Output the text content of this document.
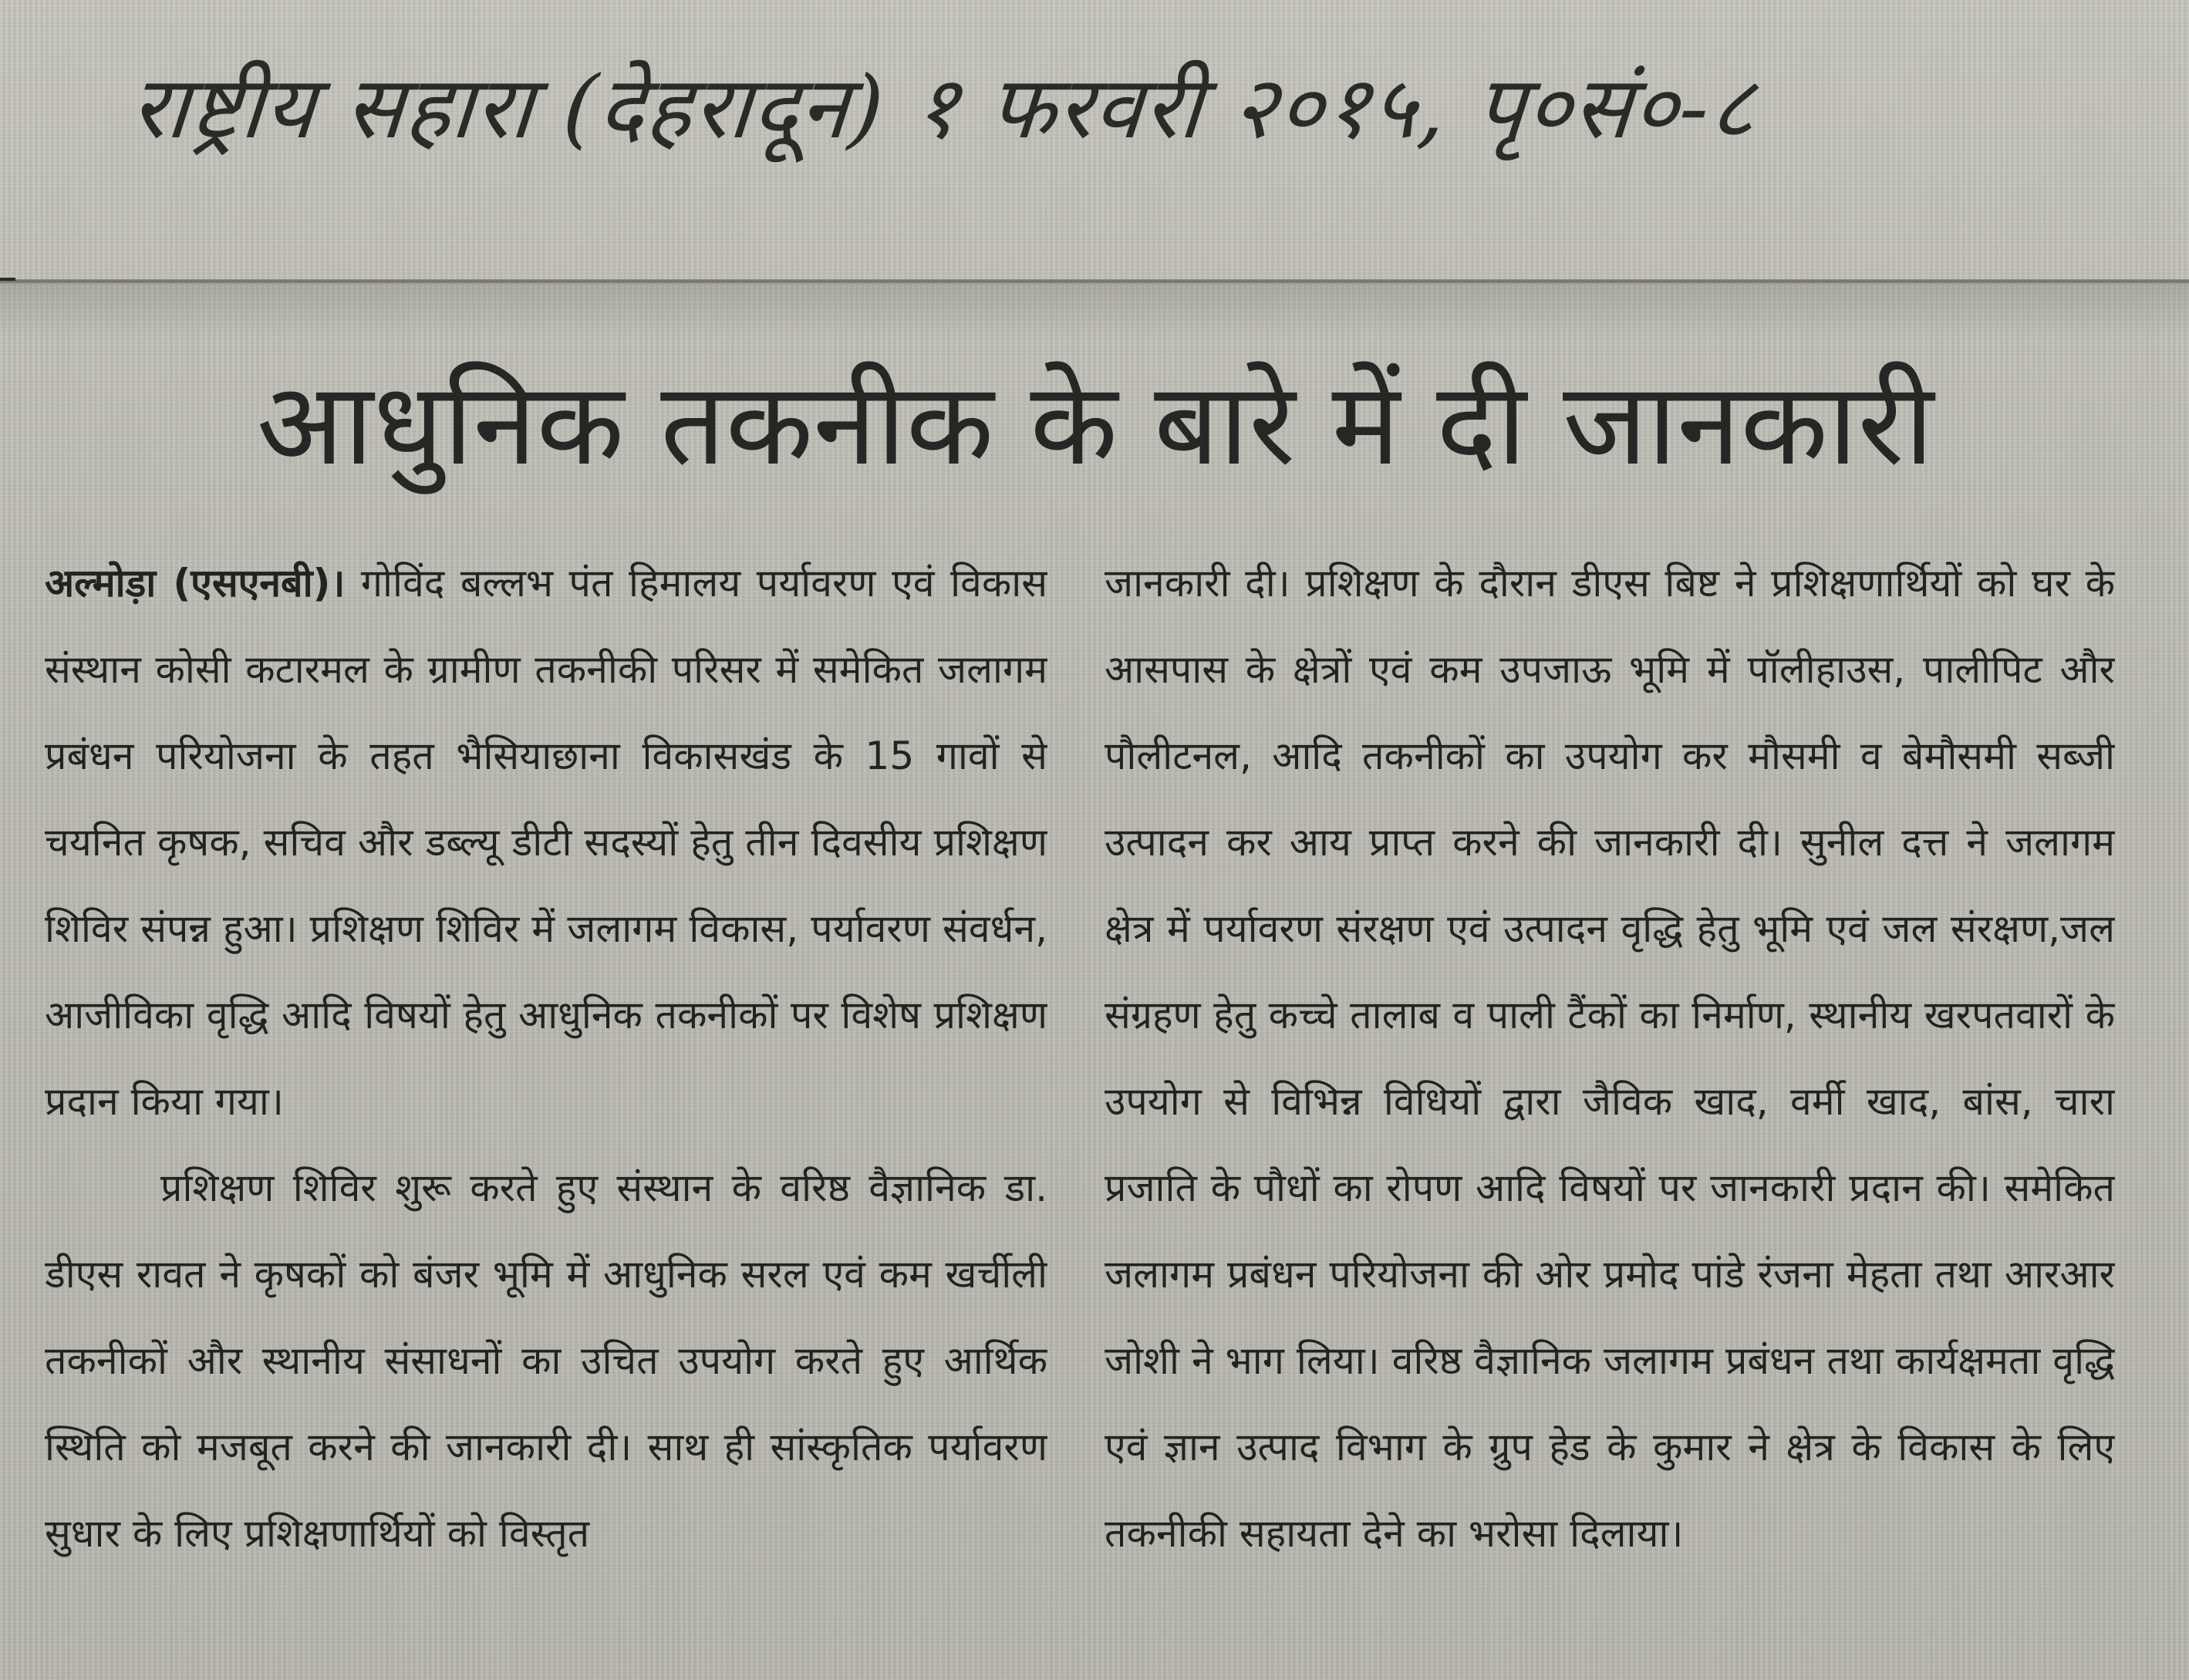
राष्ट्रीय सहारा (देहरादून) १ फरवरी २०१५, पृ०सं०-८
आधुनिक तकनीक के बारे में दी जानकारी

अल्मोड़ा (एसएनबी)। गोविंद बल्लभ पंत हिमालय पर्यावरण एवं विकास संस्थान कोसी कटारमल के ग्रामीण तकनीकी परिसर में समेकित जलागम प्रबंधन परियोजना के तहत भैसियाछाना विकासखंड के 15 गावों से चयनित कृषक, सचिव और डब्ल्यू डीटी सदस्यों हेतु तीन दिवसीय प्रशिक्षण शिविर संपन्न हुआ। प्रशिक्षण शिविर में जलागम विकास, पर्यावरण संवर्धन, आजीविका वृद्धि आदि विषयों हेतु आधुनिक तकनीकों पर विशेष प्रशिक्षण प्रदान किया गया।

प्रशिक्षण शिविर शुरू करते हुए संस्थान के वरिष्ठ वैज्ञानिक डा. डीएस रावत ने कृषकों को बंजर भूमि में आधुनिक सरल एवं कम खर्चीली तकनीकों और स्थानीय संसाधनों का उचित उपयोग करते हुए आर्थिक स्थिति को मजबूत करने की जानकारी दी। साथ ही सांस्कृतिक पर्यावरण सुधार के लिए प्रशिक्षणार्थियों को विस्तृत

जानकारी दी। प्रशिक्षण के दौरान डीएस बिष्ट ने प्रशिक्षणार्थियों को घर के आसपास के क्षेत्रों एवं कम उपजाऊ भूमि में पॉलीहाउस, पालीपिट और पौलीटनल, आदि तकनीकों का उपयोग कर मौसमी व बेमौसमी सब्जी उत्पादन कर आय प्राप्त करने की जानकारी दी। सुनील दत्त ने जलागम क्षेत्र में पर्यावरण संरक्षण एवं उत्पादन वृद्धि हेतु भूमि एवं जल संरक्षण,जल संग्रहण हेतु कच्चे तालाब व पाली टैंकों का निर्माण, स्थानीय खरपतवारों के उपयोग से विभिन्न विधियों द्वारा जैविक खाद, वर्मी खाद, बांस, चारा प्रजाति के पौधों का रोपण आदि विषयों पर जानकारी प्रदान की। समेकित जलागम प्रबंधन परियोजना की ओर प्रमोद पांडे रंजना मेहता तथा आरआर जोशी ने भाग लिया। वरिष्ठ वैज्ञानिक जलागम प्रबंधन तथा कार्यक्षमता वृद्धि एवं ज्ञान उत्पाद विभाग के ग्रुप हेड के कुमार ने क्षेत्र के विकास के लिए तकनीकी सहायता देने का भरोसा दिलाया।
